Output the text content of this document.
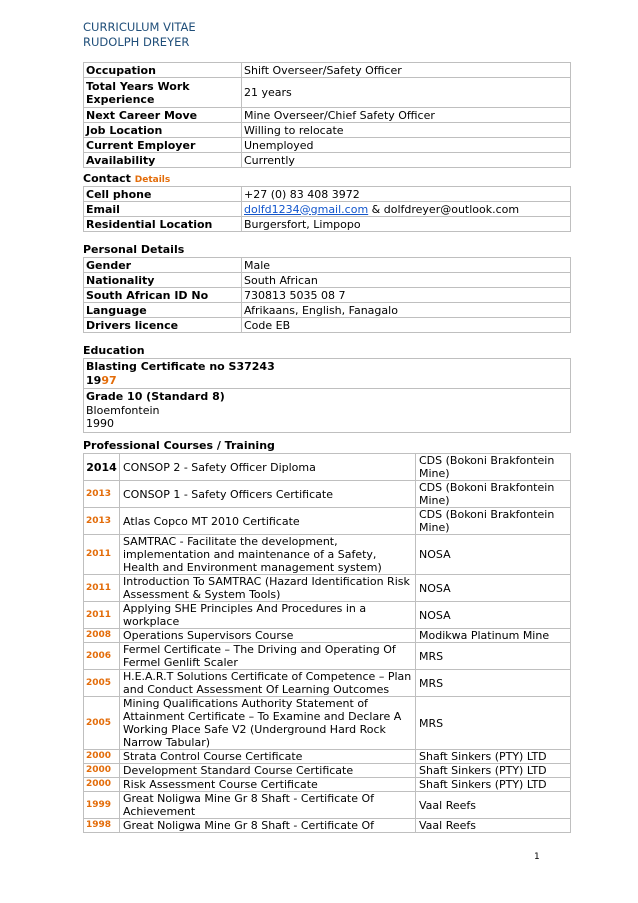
CURRICULUM VITAE
RUDOLPH DREYER
Occupation	Shift Overseer/Safety Officer
Total Years Work Experience	21 years
Next Career Move	Mine Overseer/Chief Safety Officer
Job Location	Willing to relocate
Current Employer	Unemployed
Availability	Currently
Contact Details
Cell phone	+27 (0) 83 408 3972
Email	dolfd1234@gmail.com & dolfdreyer@outlook.com
Residential Location	Burgersfort, Limpopo
Personal Details
Gender	Male
Nationality	South African
South African ID No	730813 5035 08 7
Language	Afrikaans, English, Fanagalo
Drivers licence	Code EB
Education
Blasting Certificate no S37243
1997

Grade 10 (Standard 8)
Bloemfontein
1990
Professional Courses / Training
2014	CONSOP 2 - Safety Officer Diploma	CDS (Bokoni Brakfontein Mine)
2013	CONSOP 1 - Safety Officers Certificate	CDS (Bokoni Brakfontein Mine)
2013	Atlas Copco MT 2010 Certificate	CDS (Bokoni Brakfontein Mine)
2011	SAMTRAC - Facilitate the development, implementation and maintenance of a Safety, Health and Environment management system)	NOSA
2011	Introduction To SAMTRAC (Hazard Identification Risk Assessment & System Tools)	NOSA
2011	Applying SHE Principles And Procedures in a workplace	NOSA
2008	Operations Supervisors Course	Modikwa Platinum Mine
2006	Fermel Certificate – The Driving and Operating Of Fermel Genlift Scaler	MRS
2005	H.E.A.R.T Solutions Certificate of Competence – Plan and Conduct Assessment Of Learning Outcomes	MRS
2005	Mining Qualifications Authority Statement of Attainment Certificate – To Examine and Declare A Working Place Safe V2 (Underground Hard Rock Narrow Tabular)	MRS
2000	Strata Control Course Certificate	Shaft Sinkers (PTY) LTD
2000	Development Standard Course Certificate	Shaft Sinkers (PTY) LTD
2000	Risk Assessment Course Certificate	Shaft Sinkers (PTY) LTD
1999	Great Noligwa Mine Gr 8 Shaft - Certificate Of Achievement	Vaal Reefs
1998	Great Noligwa Mine Gr 8 Shaft - Certificate Of	Vaal Reefs
1
